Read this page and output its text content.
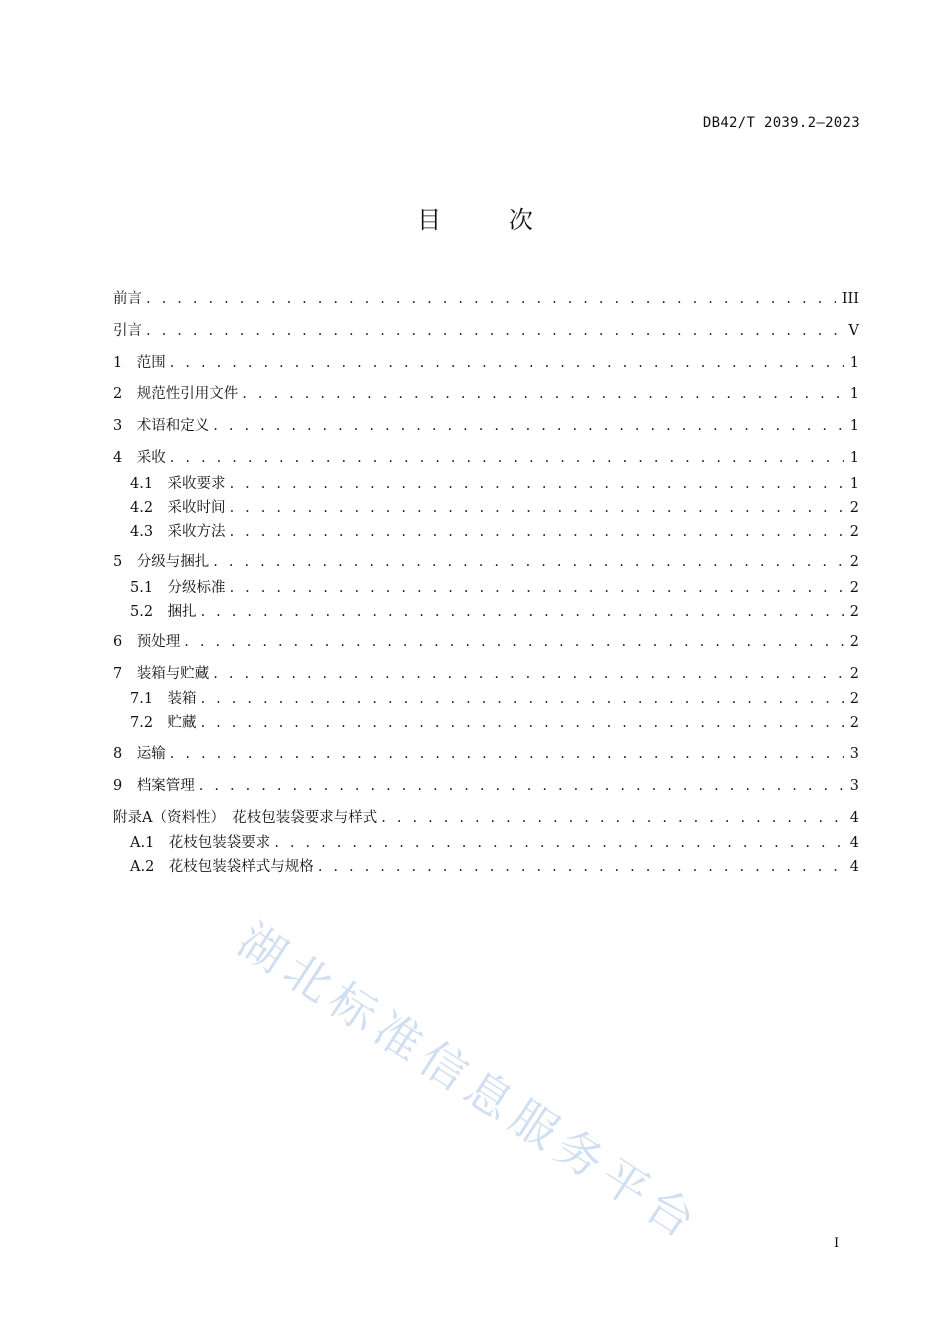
DB42/T 2039.2—2023
目	次
前言 . . .	III
引言 . . .	V
1　范围 . . .	1
2　规范性引用文件 . . .	1
3　术语和定义 . . .	1
4　采收 . . .	1
4.1　采收要求 . . .	1
4.2　采收时间 . . .	2
4.3　采收方法 . . .	2
5　分级与捆扎 . . .	2
5.1　分级标准 . . .	2
5.2　捆扎 . . .	2
6　预处理 . . .	2
7　装箱与贮藏 . . .	2
7.1　装箱 . . .	2
7.2　贮藏 . . .	2
8　运输 . . .	3
9　档案管理 . . .	3
附录A（资料性）　花枝包装袋要求与样式 . . .	4
A.1　花枝包装袋要求 . . .	4
A.2　花枝包装袋样式与规格 . . .	4
湖北标准信息服务平台	I
